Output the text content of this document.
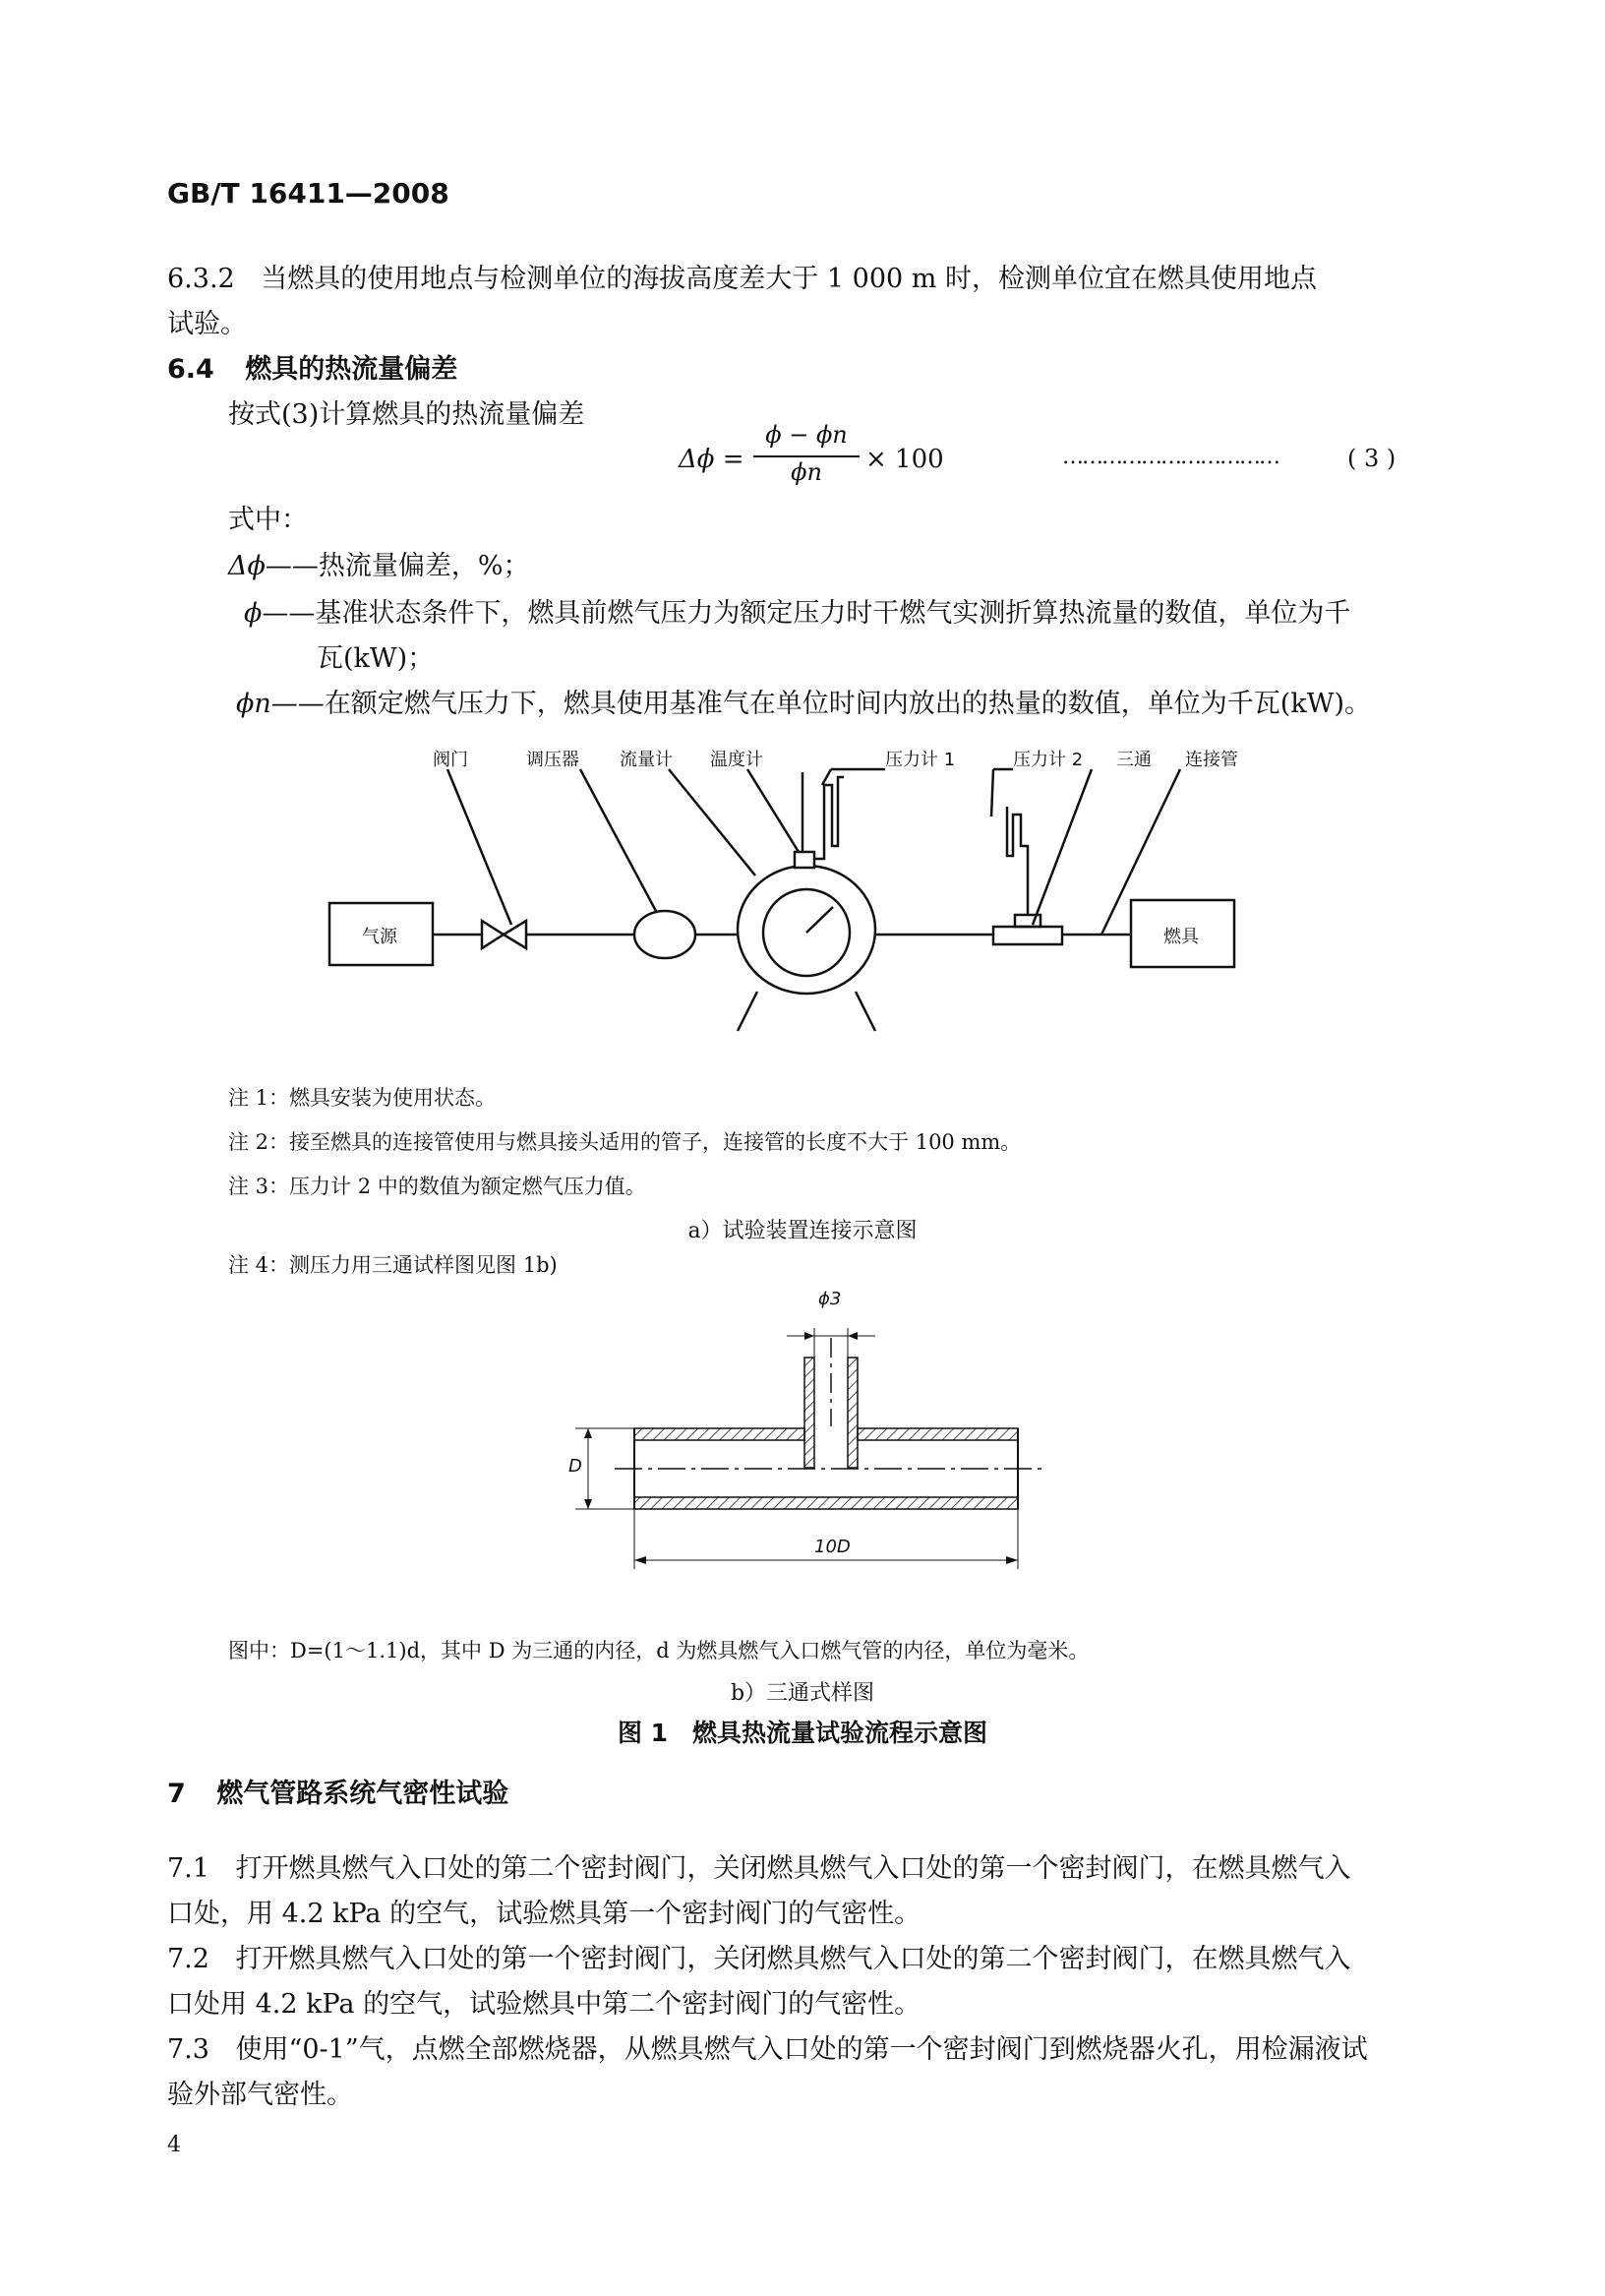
GB/T 16411—2008
6.3.2 当燃具的使用地点与检测单位的海拔高度差大于 1 000 m 时，检测单位宜在燃具使用地点
试验。
6.4 燃具的热流量偏差
按式(3)计算燃具的热流量偏差
Δϕ =
ϕ − ϕn
ϕn	× 100	……………………………	( 3 )
式中：
Δϕ——热流量偏差，%；
ϕ——基准状态条件下，燃具前燃气压力为额定压力时干燃气实测折算热流量的数值，单位为千
瓦(kW)；
ϕn——在额定燃气压力下，燃具使用基准气在单位时间内放出的热量的数值，单位为千瓦(kW)。
阀门	调压器 流量计 温度计	压力计 1	压力计 2 三通 连接管
气源	燃具
注 1：燃具安装为使用状态。
注 2：接至燃具的连接管使用与燃具接头适用的管子，连接管的长度不大于 100 mm。
注 3：压力计 2 中的数值为额定燃气压力值。
a）试验装置连接示意图
注 4：测压力用三通试样图见图 1b)
ϕ3
D
10D
图中：D=(1～1.1)d，其中 D 为三通的内径，d 为燃具燃气入口燃气管的内径，单位为毫米。
b）三通式样图
图 1　燃具热流量试验流程示意图
7 燃气管路系统气密性试验
7.1 打开燃具燃气入口处的第二个密封阀门，关闭燃具燃气入口处的第一个密封阀门，在燃具燃气入
口处，用 4.2 kPa 的空气，试验燃具第一个密封阀门的气密性。
7.2 打开燃具燃气入口处的第一个密封阀门，关闭燃具燃气入口处的第二个密封阀门，在燃具燃气入
口处用 4.2 kPa 的空气，试验燃具中第二个密封阀门的气密性。
7.3 使用“0-1”气，点燃全部燃烧器，从燃具燃气入口处的第一个密封阀门到燃烧器火孔，用检漏液试
验外部气密性。
4
